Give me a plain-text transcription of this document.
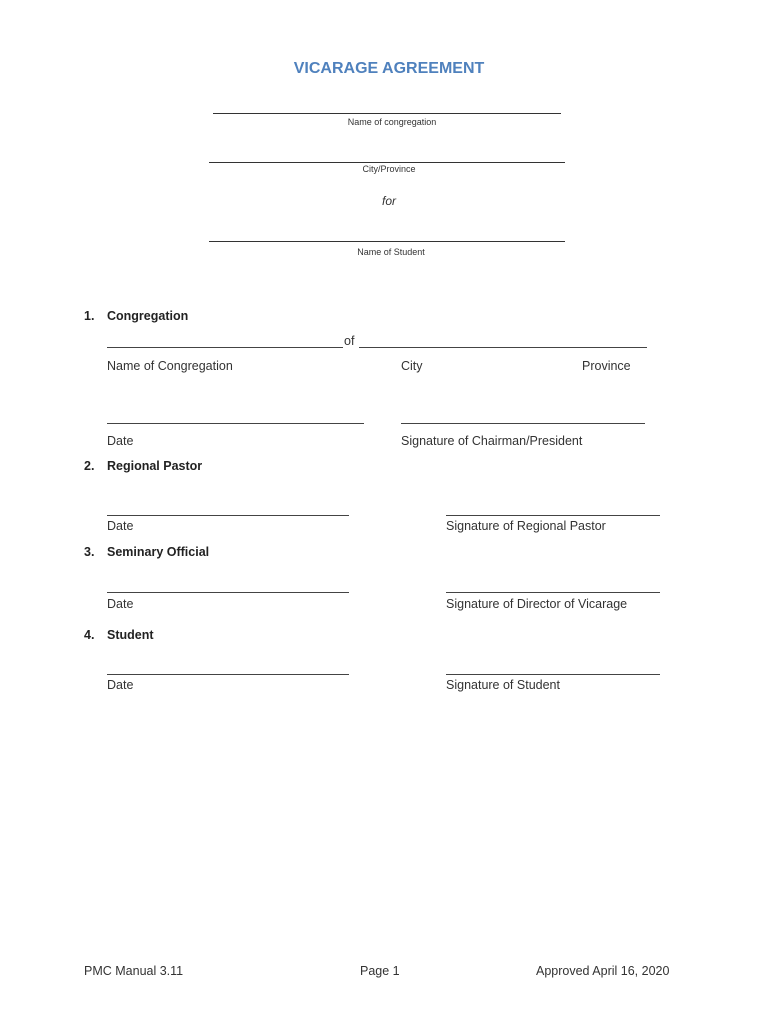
VICARAGE AGREEMENT
Name of congregation
City/Province
for
Name of Student
1. Congregation
of
Name of Congregation	City	Province
Date	Signature of Chairman/President
2. Regional Pastor
Date	Signature of Regional Pastor
3. Seminary Official
Date	Signature of Director of Vicarage
4. Student
Date	Signature of Student
PMC Manual 3.11	Page 1	Approved April 16, 2020
